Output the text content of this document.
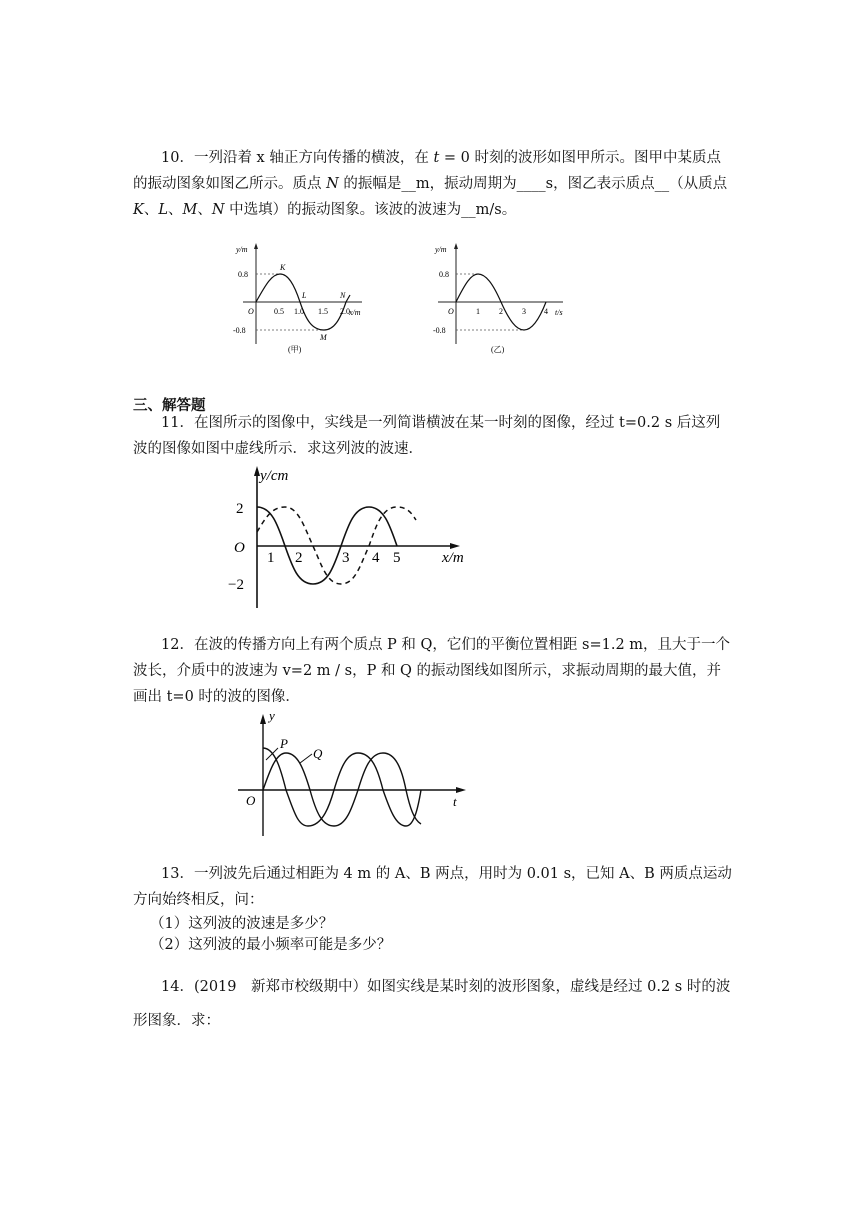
10．一列沿着 x 轴正方向传播的横波，在 t = 0 时刻的波形如图甲所示。图甲中某质点的振动图象如图乙所示。质点 N 的振幅是__m，振动周期为____s，图乙表示质点__（从质点 K、L、M、N 中选填）的振动图象。该波的波速为__m/s。

y/m
x/m
0.8
-0.8
O	0.5 1.0 1.5 2.0
K
L
M
N
(甲)
y/m
t/s
0.8
-0.8
O	1 2 3 4
(乙)

三、解答题

11．在图所示的图像中，实线是一列简谐横波在某一时刻的图像，经过 t=0.2 s 后这列波的图像如图中虚线所示．求这列波的波速．

y/cm
x/m
2
−2
O
1 2	3 4 5

12．在波的传播方向上有两个质点 P 和 Q，它们的平衡位置相距 s=1.2 m，且大于一个波长，介质中的波速为 v=2 m / s，P 和 Q 的振动图线如图所示，求振动周期的最大值，并画出 t=0 时的波的图像．

y
t
O
P
Q

13．一列波先后通过相距为 4 m 的 A、B 两点，用时为 0.01 s，已知 A、B 两质点运动方向始终相反，问：

（1）这列波的波速是多少？

（2）这列波的最小频率可能是多少？

14．(2019　新郑市校级期中）如图实线是某时刻的波形图象，虚线是经过 0.2 s 时的波形图象．求：
